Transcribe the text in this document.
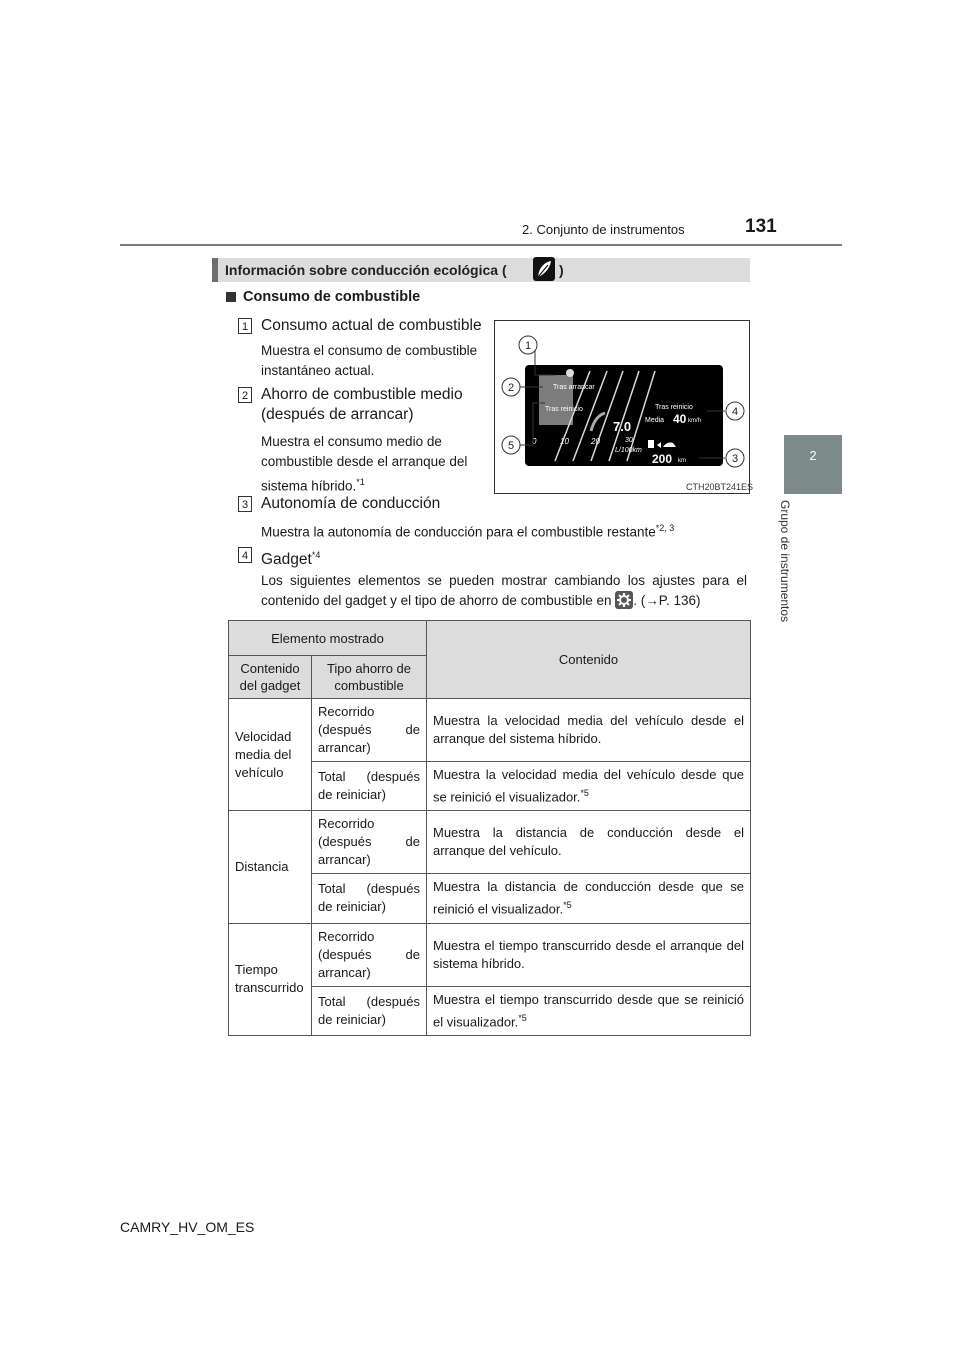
2. Conjunto de instrumentos	131
2
Grupo de instrumentos
Información sobre conducción ecológica (	)
Consumo de combustible
1 Consumo actual de combustible
Muestra el consumo de combustible instantáneo actual.
2 Ahorro de combustible medio (después de arrancar)
Muestra el consumo medio de combustible desde el arranque del sistema híbrido.$^{*1}$
3 Autonomía de conducción
Muestra la autonomía de conducción para el combustible restante$^{*2, 3}$
4 Gadget$^{*4}$
Los siguientes elementos se pueden mostrar cambiando los ajustes para el contenido del gadget y el tipo de ahorro de combustible en . (→P. 136)
Tras arrancar
Tras reinicio
0	10	20	30
7.0
L/100km
Tras reinicio
Media 40 km/h
200 km
1
2
3
4
5
CTH20BT241ES
Elemento mostrado		Contenido
Contenido del gadget	Tipo ahorro de combustible	
Velocidad media del vehículo	Recorrido (después de arrancar)	Muestra la velocidad media del vehículo desde el arranque del sistema híbrido.
	Total (después de reiniciar)	Muestra la velocidad media del vehículo desde que se reinició el visualizador.$^{*5}$
Distancia	Recorrido (después de arrancar)	Muestra la distancia de conducción desde el arranque del vehículo.
	Total (después de reiniciar)	Muestra la distancia de conducción desde que se reinició el visualizador.$^{*5}$
Tiempo transcurrido	Recorrido (después de arrancar)	Muestra el tiempo transcurrido desde el arranque del sistema híbrido.
	Total (después de reiniciar)	Muestra el tiempo transcurrido desde que se reinició el visualizador.$^{*5}$
CAMRY_HV_OM_ES
